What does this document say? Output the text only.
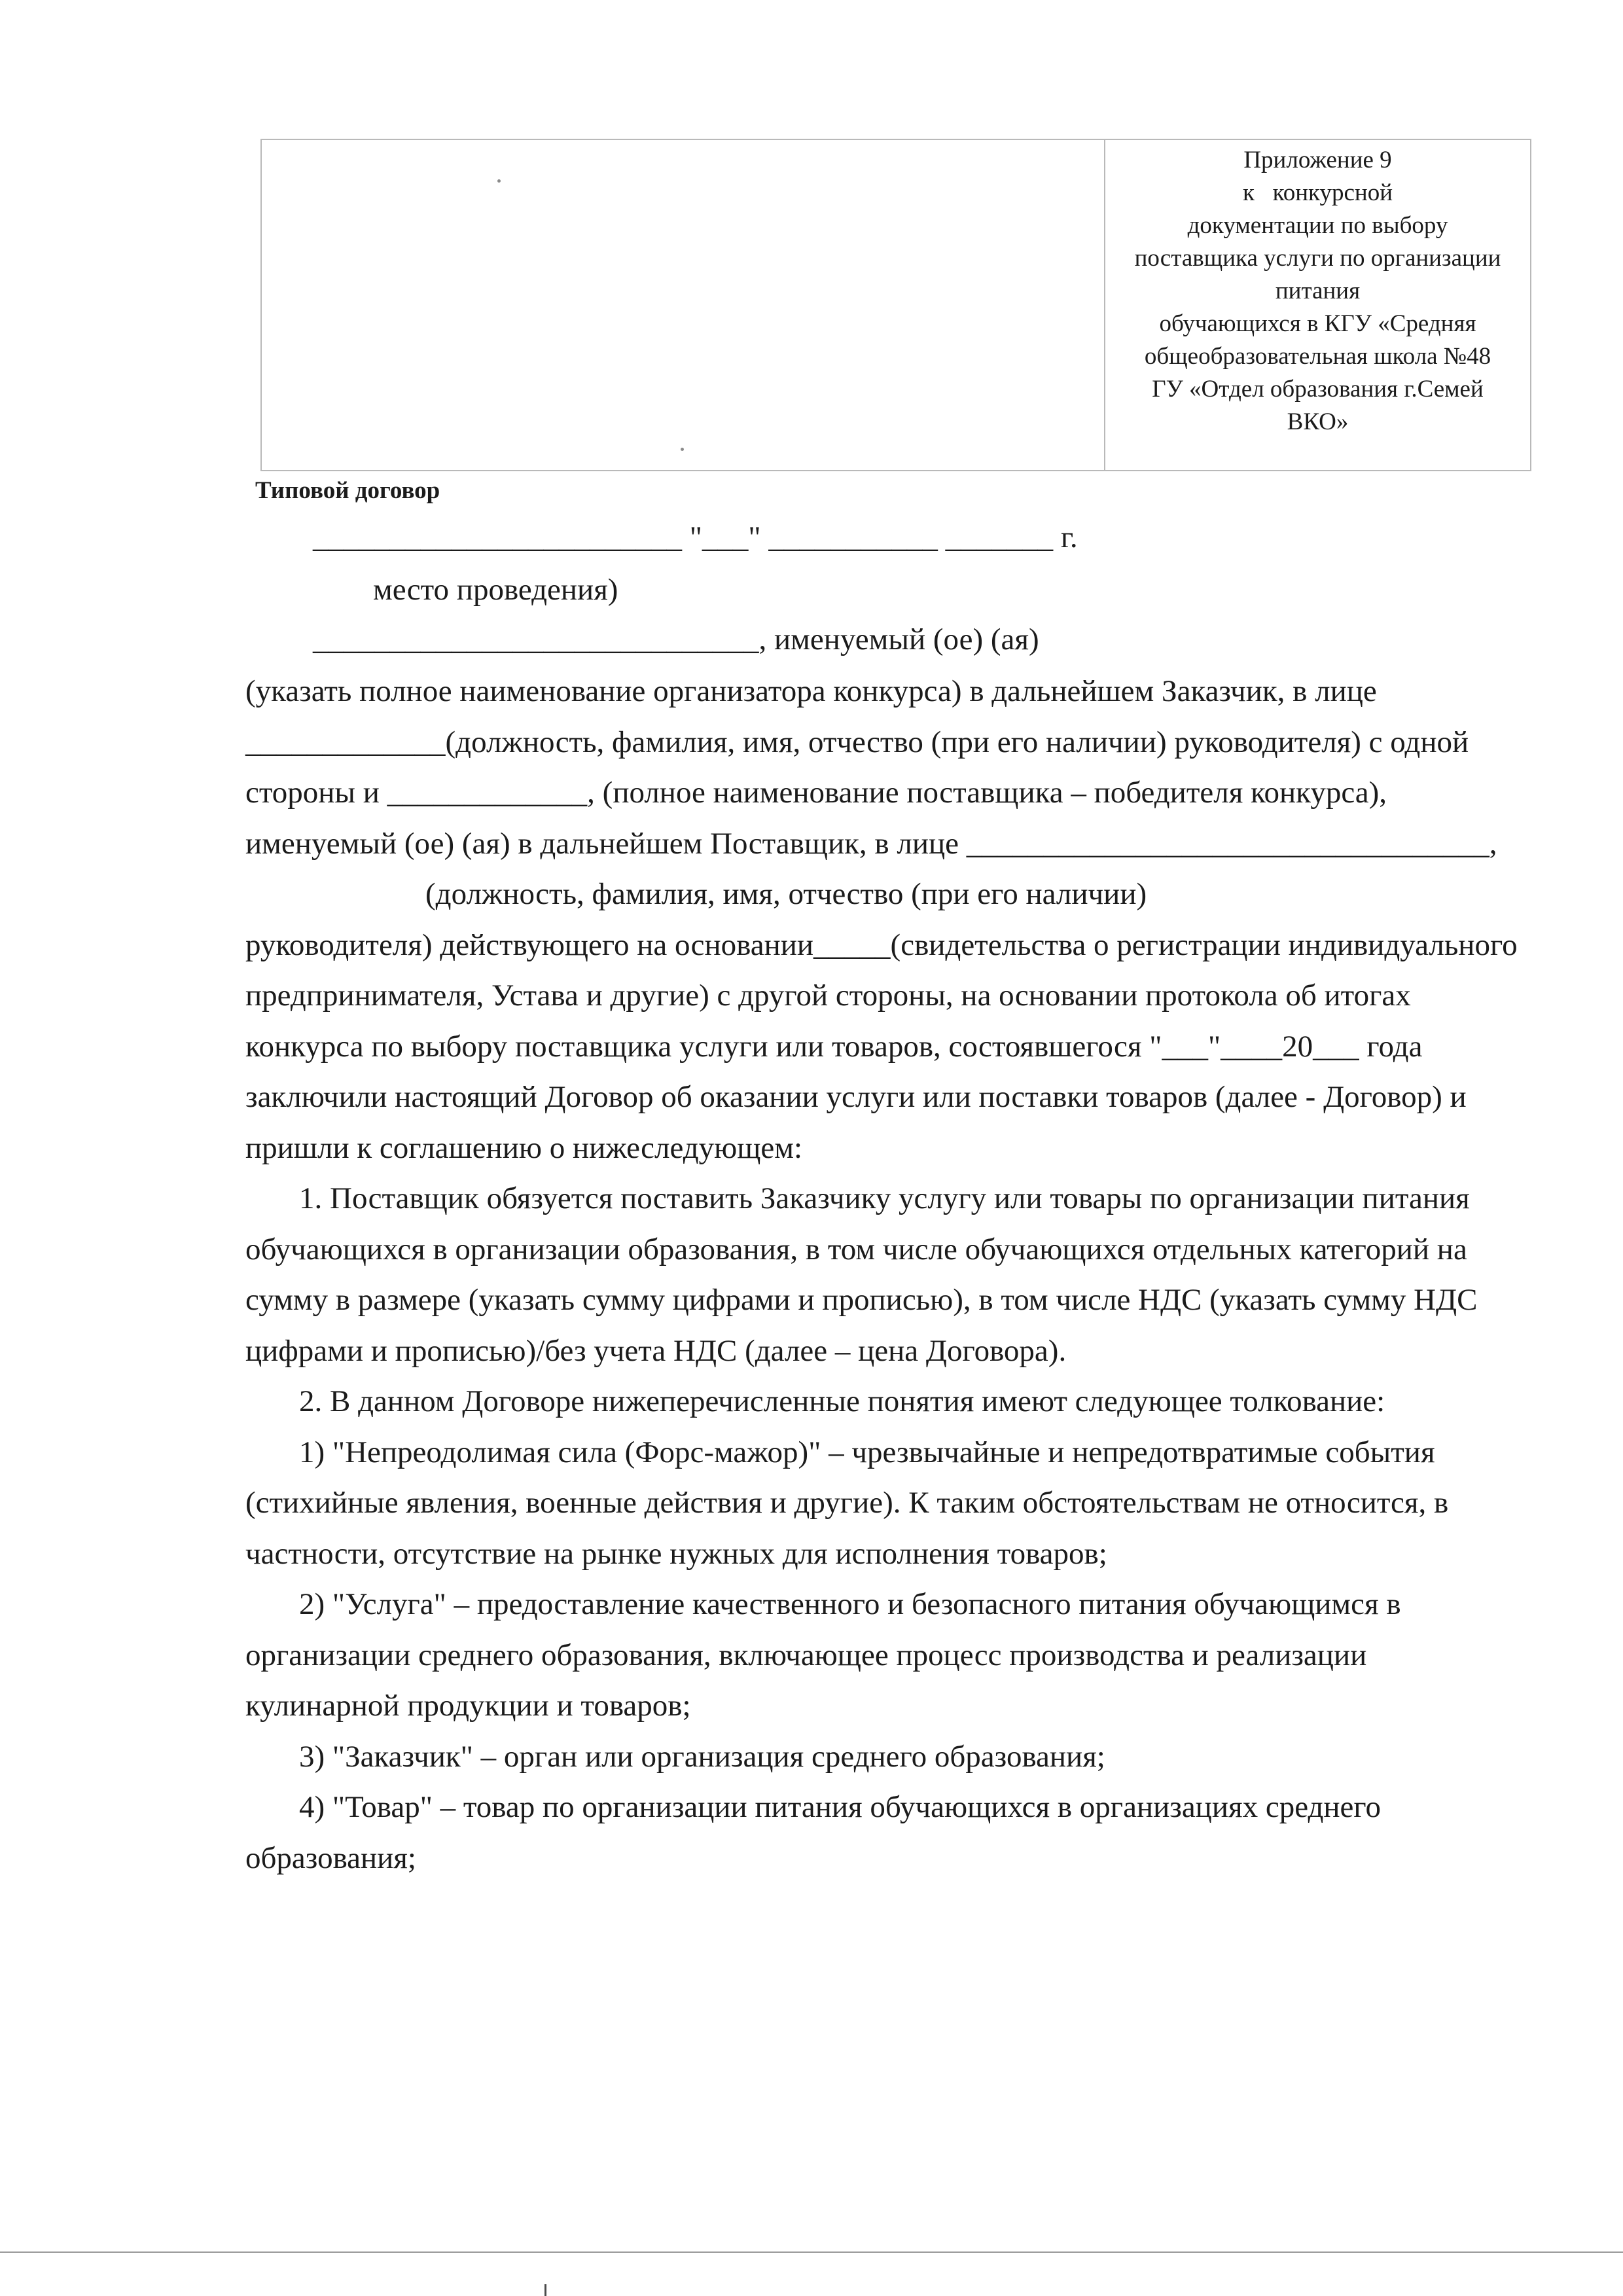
Приложение 9
к   конкурсной
документации по выбору
поставщика услуги по организации
питания
обучающихся в КГУ «Средняя
общеобразовательная школа №48
ГУ «Отдел образования г.Семей
ВКО»
Типовой договор
________________________ "___" ___________ _______ г.
место проведения)
_____________________________, именуемый (ое) (ая)

(указать полное наименование организатора конкурса) в дальнейшем Заказчик, в лице _____________(должность, фамилия, имя, отчество (при его наличии) руководителя) с одной стороны и _____________, (полное наименование поставщика – победителя конкурса), именуемый (ое) (ая) в дальнейшем Поставщик, в лице __________________________________,

(должность, фамилия, имя, отчество (при его наличии)

руководителя) действующего на основании_____(свидетельства о регистрации индивидуального предпринимателя, Устава и другие) с другой стороны, на основании протокола об итогах конкурса по выбору поставщика услуги или товаров, состоявшегося "___"____20___ года заключили настоящий Договор об оказании услуги или поставки товаров (далее - Договор) и пришли к соглашению о нижеследующем:

1. Поставщик обязуется поставить Заказчику услугу или товары по организации питания обучающихся в организации образования, в том числе обучающихся отдельных категорий на сумму в размере (указать сумму цифрами и прописью), в том числе НДС (указать сумму НДС цифрами и прописью)/без учета НДС (далее – цена Договора).

2. В данном Договоре нижеперечисленные понятия имеют следующее толкование:

1) "Непреодолимая сила (Форс-мажор)" – чрезвычайные и непредотвратимые события (стихийные явления, военные действия и другие). К таким обстоятельствам не относится, в частности, отсутствие на рынке нужных для исполнения товаров;

2) "Услуга" – предоставление качественного и безопасного питания обучающимся в организации среднего образования, включающее процесс производства и реализации кулинарной продукции и товаров;

3) "Заказчик" – орган или организация среднего образования;

4) "Товар" – товар по организации питания обучающихся в организациях среднего образования;
